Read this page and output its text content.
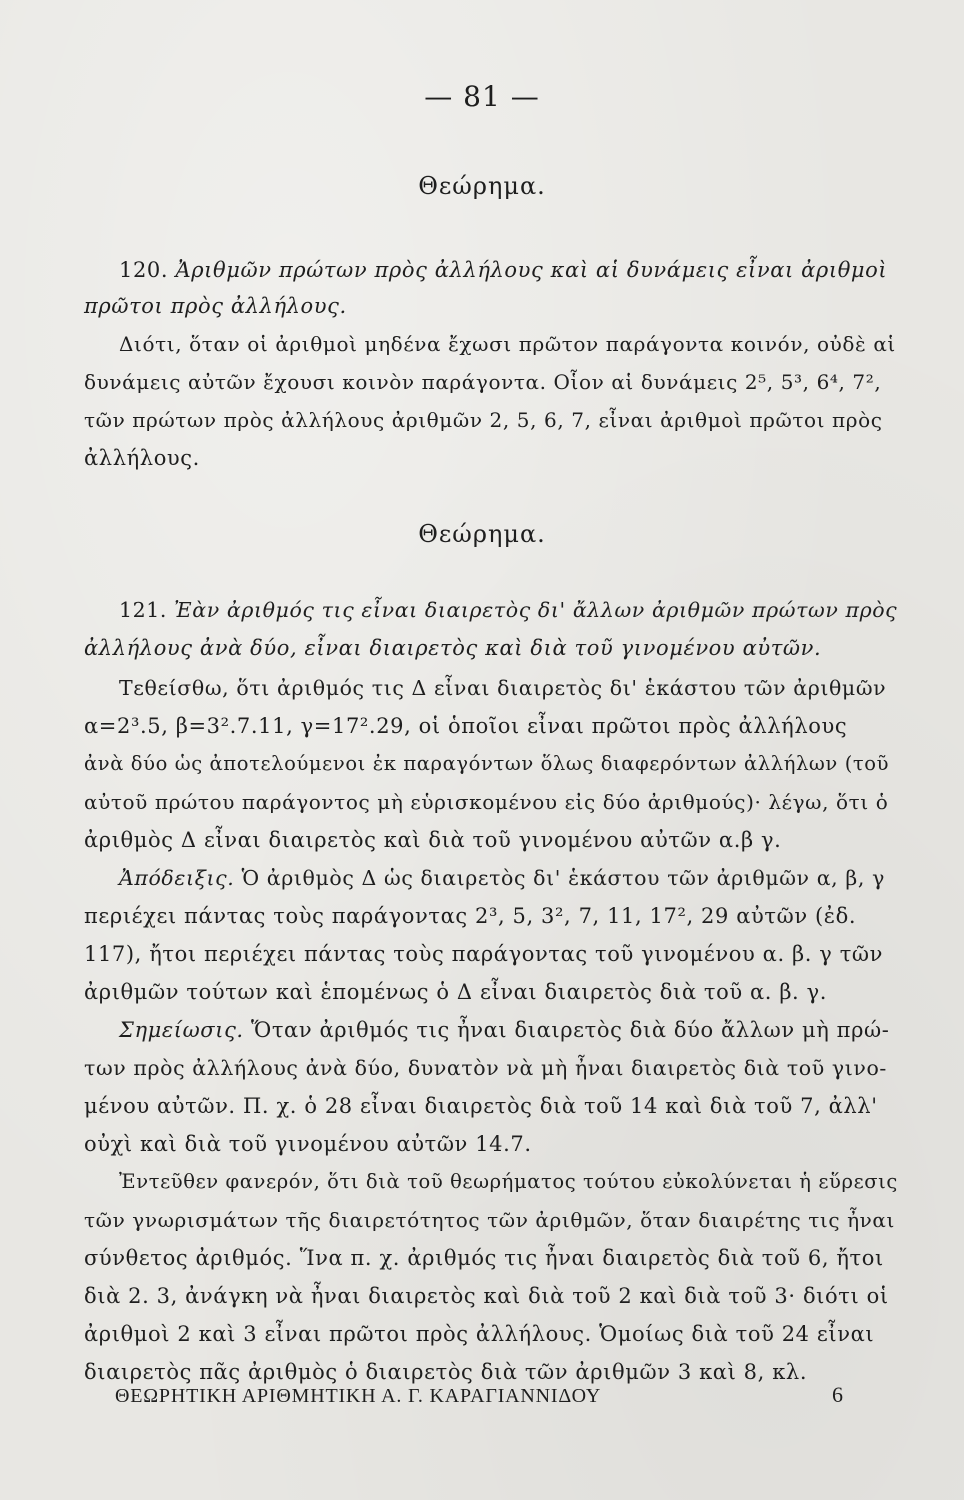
— 81 —
Θεώρημα.
120. Ἀριθμῶν πρώτων πρὸς ἀλλήλους καὶ αἱ δυνάμεις εἶναι ἀριθμοὶ
πρῶτοι πρὸς ἀλλήλους.
Διότι, ὅταν οἱ ἀριθμοὶ μηδένα ἔχωσι πρῶτον παράγοντα κοινόν, οὐδὲ αἱ
δυνάμεις αὐτῶν ἔχουσι κοινὸν παράγοντα. Οἷον αἱ δυνάμεις 2⁵, 5³, 6⁴, 7²,
τῶν πρώτων πρὸς ἀλλήλους ἀριθμῶν 2, 5, 6, 7, εἶναι ἀριθμοὶ πρῶτοι πρὸς
ἀλλήλους.
Θεώρημα.
121. Ἐὰν ἀριθμός τις εἶναι διαιρετὸς δι' ἄλλων ἀριθμῶν πρώτων πρὸς
ἀλλήλους ἀνὰ δύο, εἶναι διαιρετὸς καὶ διὰ τοῦ γινομένου αὐτῶν.
Τεθείσθω, ὅτι ἀριθμός τις Δ εἶναι διαιρετὸς δι' ἑκάστου τῶν ἀριθμῶν
α=2³.5, β=3².7.11, γ=17².29, οἱ ὁποῖοι εἶναι πρῶτοι πρὸς ἀλλήλους
ἀνὰ δύο ὡς ἀποτελούμενοι ἐκ παραγόντων ὅλως διαφερόντων ἀλλήλων (τοῦ
αὐτοῦ πρώτου παράγοντος μὴ εὑρισκομένου εἰς δύο ἀριθμούς)· λέγω, ὅτι ὁ
ἀριθμὸς Δ εἶναι διαιρετὸς καὶ διὰ τοῦ γινομένου αὐτῶν α.β γ.
Ἀπόδειξις. Ὁ ἀριθμὸς Δ ὡς διαιρετὸς δι' ἑκάστου τῶν ἀριθμῶν α, β, γ
περιέχει πάντας τοὺς παράγοντας 2³, 5, 3², 7, 11, 17², 29 αὐτῶν (ἐδ.
117), ἤτοι περιέχει πάντας τοὺς παράγοντας τοῦ γινομένου α. β. γ τῶν
ἀριθμῶν τούτων καὶ ἑπομένως ὁ Δ εἶναι διαιρετὸς διὰ τοῦ α. β. γ.
Σημείωσις. Ὅταν ἀριθμός τις ἦναι διαιρετὸς διὰ δύο ἄλλων μὴ πρώ-
των πρὸς ἀλλήλους ἀνὰ δύο, δυνατὸν νὰ μὴ ἦναι διαιρετὸς διὰ τοῦ γινο-
μένου αὐτῶν. Π. χ. ὁ 28 εἶναι διαιρετὸς διὰ τοῦ 14 καὶ διὰ τοῦ 7, ἀλλ'
οὐχὶ καὶ διὰ τοῦ γινομένου αὐτῶν 14.7.
Ἐντεῦθεν φανερόν, ὅτι διὰ τοῦ θεωρήματος τούτου εὐκολύνεται ἡ εὕρεσις
τῶν γνωρισμάτων τῆς διαιρετότητος τῶν ἀριθμῶν, ὅταν διαιρέτης τις ἦναι
σύνθετος ἀριθμός. Ἵνα π. χ. ἀριθμός τις ἦναι διαιρετὸς διὰ τοῦ 6, ἤτοι
διὰ 2. 3, ἀνάγκη νὰ ἦναι διαιρετὸς καὶ διὰ τοῦ 2 καὶ διὰ τοῦ 3· διότι οἱ
ἀριθμοὶ 2 καὶ 3 εἶναι πρῶτοι πρὸς ἀλλήλους. Ὁμοίως διὰ τοῦ 24 εἶναι
διαιρετὸς πᾶς ἀριθμὸς ὁ διαιρετὸς διὰ τῶν ἀριθμῶν 3 καὶ 8, κλ.
ΘΕΩΡΗΤΙΚΗ ΑΡΙΘΜΗΤΙΚΗ Α. Γ. ΚΑΡΑΓΙΑΝΝΙΔΟΥ	6
